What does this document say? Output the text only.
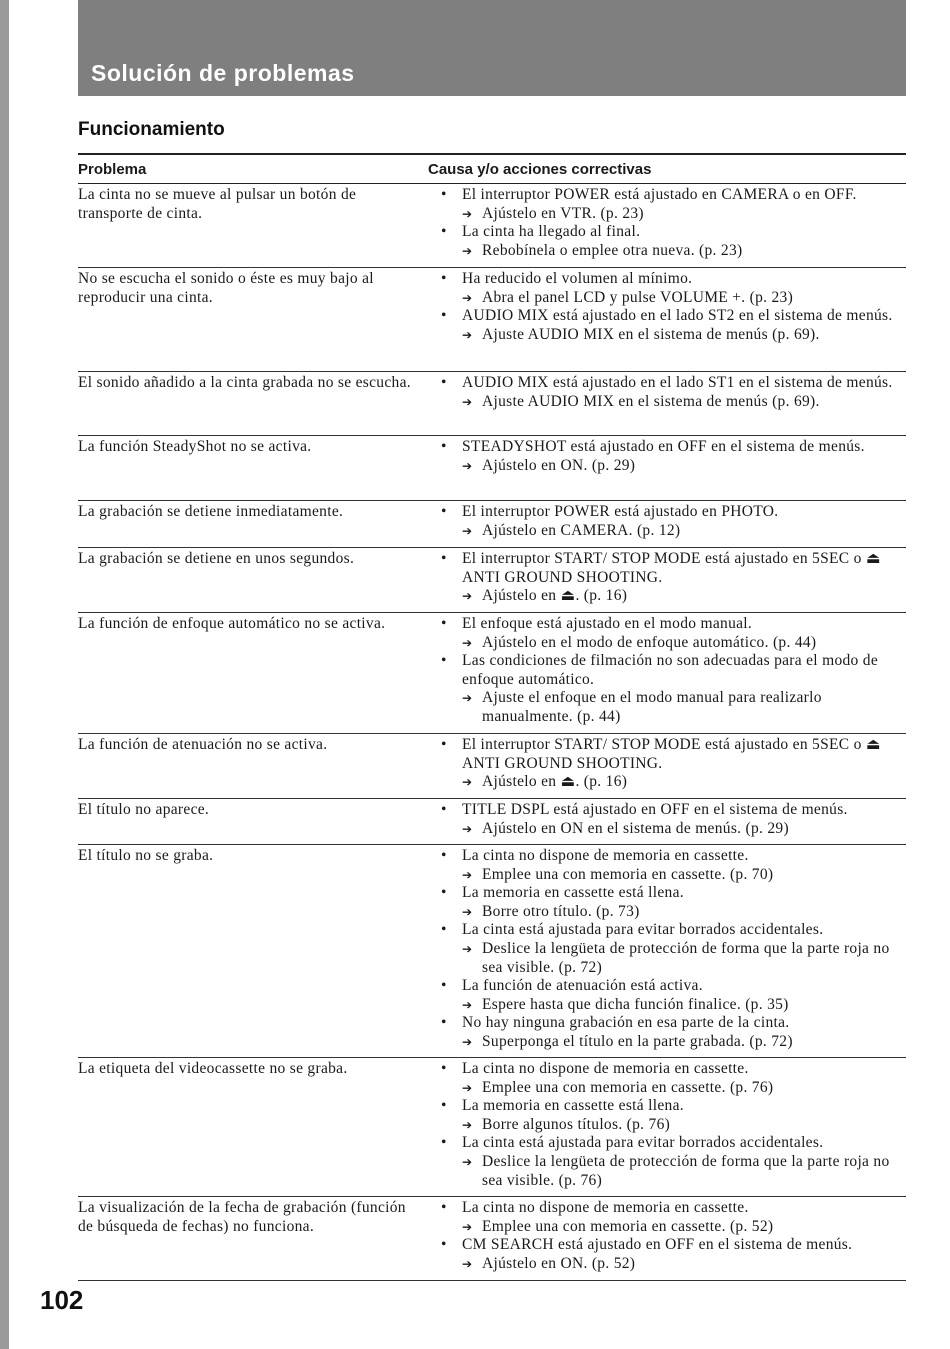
Solución de problemas
Funcionamiento
Problema	Causa y/o acciones correctivas
La cinta no se mueve al pulsar un botón de transporte de cinta.
• El interruptor POWER está ajustado en CAMERA o en OFF.
➔ Ajústelo en VTR. (p. 23)
• La cinta ha llegado al final.
➔ Rebobínela o emplee otra nueva. (p. 23)
No se escucha el sonido o éste es muy bajo al reproducir una cinta.
• Ha reducido el volumen al mínimo.
➔ Abra el panel LCD y pulse VOLUME +. (p. 23)
• AUDIO MIX está ajustado en el lado ST2 en el sistema de menús.
➔ Ajuste AUDIO MIX en el sistema de menús (p. 69).
El sonido añadido a la cinta grabada no se escucha. • AUDIO MIX está ajustado en el lado ST1 en el sistema de menús.
➔ Ajuste AUDIO MIX en el sistema de menús (p. 69).
La función SteadyShot no se activa.	• STEADYSHOT está ajustado en OFF en el sistema de menús.
➔ Ajústelo en ON. (p. 29)
La grabación se detiene inmediatamente.	• El interruptor POWER está ajustado en PHOTO.
➔ Ajústelo en CAMERA. (p. 12)
La grabación se detiene en unos segundos.	• El interruptor START/ STOP MODE está ajustado en 5SEC o ⏏ ANTI GROUND SHOOTING.
➔ Ajústelo en ⏏. (p. 16)
La función de enfoque automático no se activa.	• El enfoque está ajustado en el modo manual.
➔ Ajústelo en el modo de enfoque automático. (p. 44)
• Las condiciones de filmación no son adecuadas para el modo de enfoque automático.
➔ Ajuste el enfoque en el modo manual para realizarlo manualmente. (p. 44)
La función de atenuación no se activa.	• El interruptor START/ STOP MODE está ajustado en 5SEC o ⏏ ANTI GROUND SHOOTING.
➔ Ajústelo en ⏏. (p. 16)
El título no aparece.	• TITLE DSPL está ajustado en OFF en el sistema de menús.
➔ Ajústelo en ON en el sistema de menús. (p. 29)
El título no se graba.	• La cinta no dispone de memoria en cassette.
➔ Emplee una con memoria en cassette. (p. 70)
• La memoria en cassette está llena.
➔ Borre otro título. (p. 73)
• La cinta está ajustada para evitar borrados accidentales.
➔ Deslice la lengüeta de protección de forma que la parte roja no sea visible. (p. 72)
• La función de atenuación está activa.
➔ Espere hasta que dicha función finalice. (p. 35)
• No hay ninguna grabación en esa parte de la cinta.
➔ Superponga el título en la parte grabada. (p. 72)
La etiqueta del videocassette no se graba.	• La cinta no dispone de memoria en cassette.
➔ Emplee una con memoria en cassette. (p. 76)
• La memoria en cassette está llena.
➔ Borre algunos títulos. (p. 76)
• La cinta está ajustada para evitar borrados accidentales.
➔ Deslice la lengüeta de protección de forma que la parte roja no sea visible. (p. 76)
La visualización de la fecha de grabación (función de búsqueda de fechas) no funciona.
• La cinta no dispone de memoria en cassette.
➔ Emplee una con memoria en cassette. (p. 52)
• CM SEARCH está ajustado en OFF en el sistema de menús.
➔ Ajústelo en ON. (p. 52)
102
